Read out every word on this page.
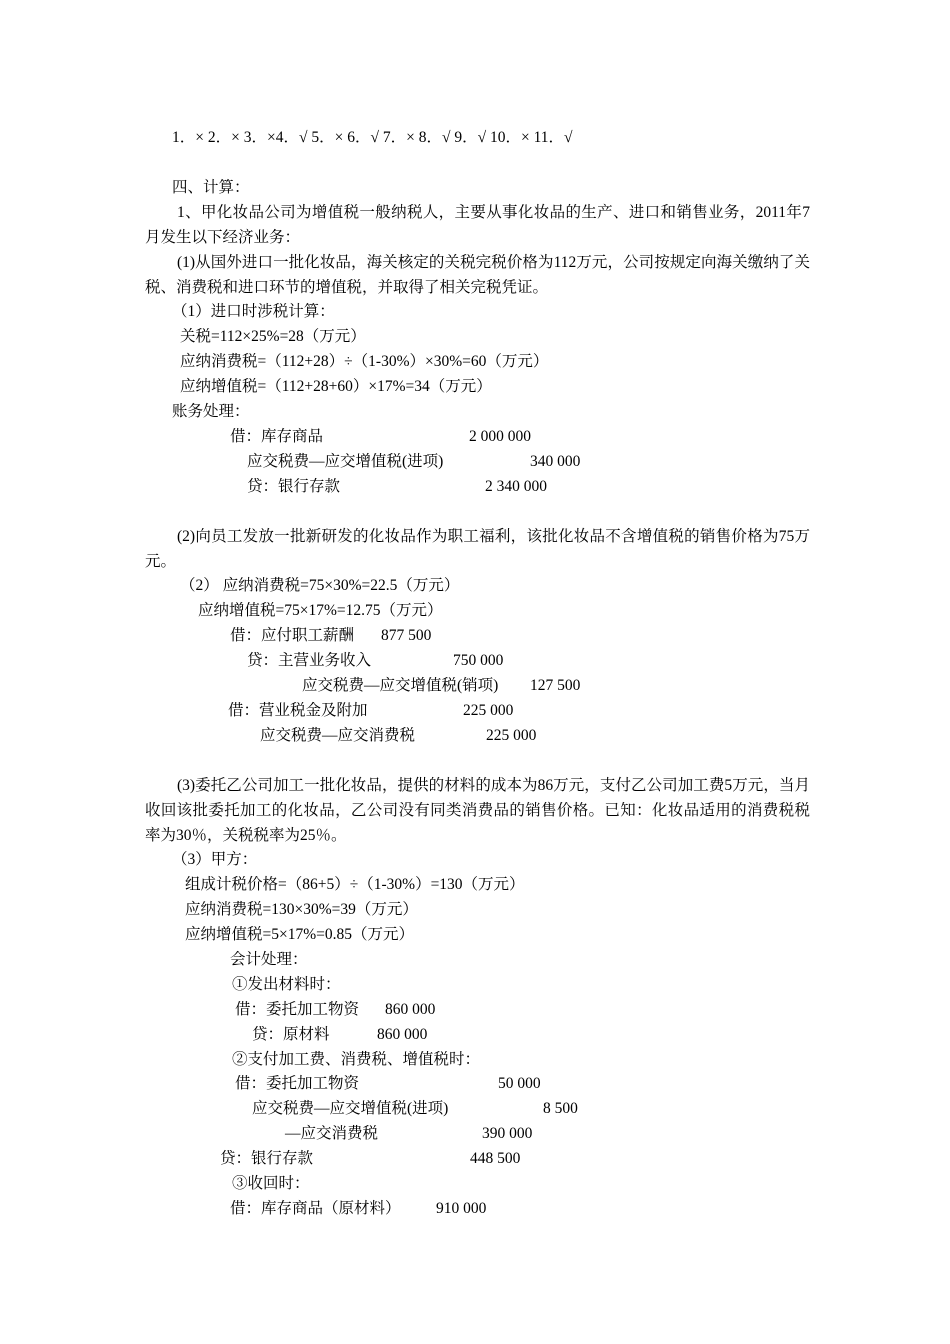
1．× 2．× 3．×4．√ 5．× 6．√ 7．× 8．√ 9．√ 10．× 11．√
四、计算：
1、甲化妆品公司为增值税一般纳税人，主要从事化妆品的生产、进口和销售业务，2011年7月发生以下经济业务：
(1)从国外进口一批化妆品，海关核定的关税完税价格为112万元，公司按规定向海关缴纳了关税、消费税和进口环节的增值税，并取得了相关完税凭证。
（1）进口时涉税计算：
关税=112×25%=28（万元）
应纳消费税=（112+28）÷（1-30%）×30%=60（万元）
应纳增值税=（112+28+60）×17%=34（万元）
账务处理：
借：库存商品	2 000 000
应交税费—应交增值税(进项)	340 000
贷：银行存款	2 340 000
(2)向员工发放一批新研发的化妆品作为职工福利，该批化妆品不含增值税的销售价格为75万元。
（2） 应纳消费税=75×30%=22.5（万元）
应纳增值税=75×17%=12.75（万元）
借：应付职工薪酬 877 500
贷：主营业务收入	750 000
应交税费—应交增值税(销项) 127 500
借：营业税金及附加	225 000
应交税费—应交消费税	225 000
(3)委托乙公司加工一批化妆品，提供的材料的成本为86万元，支付乙公司加工费5万元，当月收回该批委托加工的化妆品，乙公司没有同类消费品的销售价格。已知：化妆品适用的消费税税率为30％，关税税率为25％。
（3）甲方：
组成计税价格=（86+5）÷（1-30%）=130（万元）
应纳消费税=130×30%=39（万元）
应纳增值税=5×17%=0.85（万元）
会计处理：
①发出材料时：
借：委托加工物资 860 000
贷：原材料	860 000
②支付加工费、消费税、增值税时：
借：委托加工物资	50 000
应交税费—应交增值税(进项)	8 500
—应交消费税	390 000
贷：银行存款	448 500
③收回时：
借：库存商品（原材料） 910 000
